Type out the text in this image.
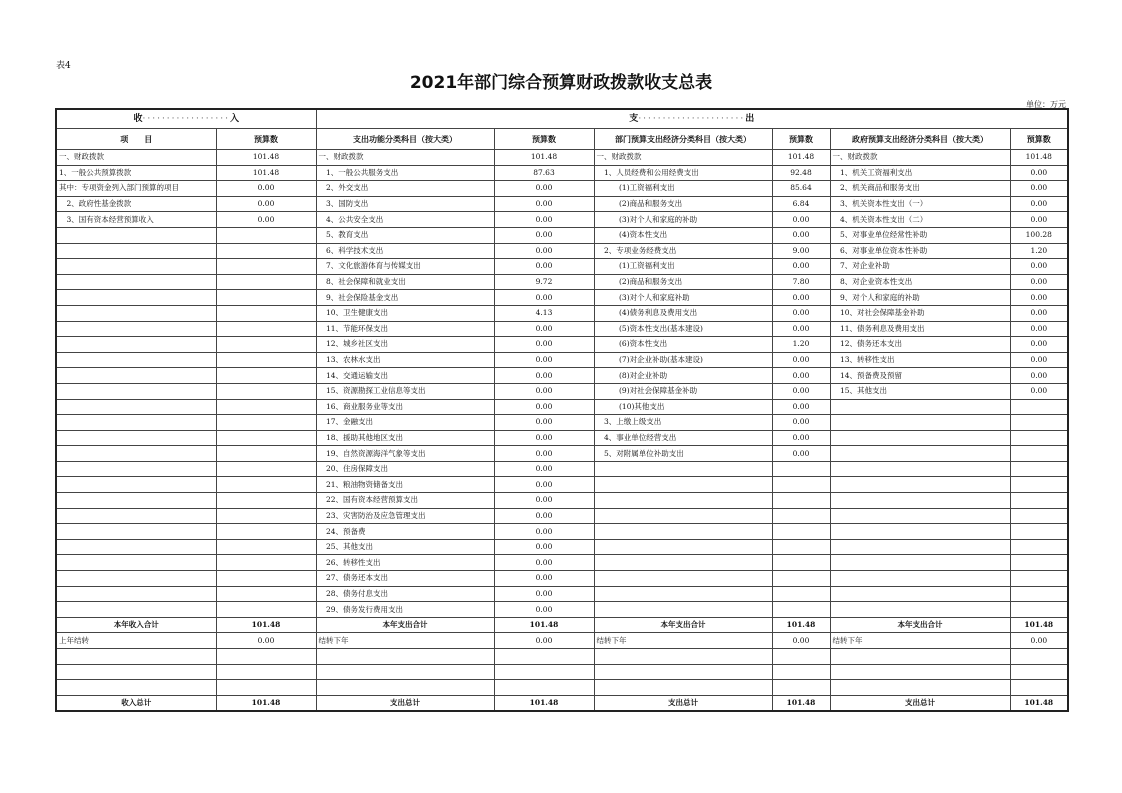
表4
2021年部门综合预算财政拨款收支总表
单位：万元
收··················入		支······················出					
项　　目	预算数	支出功能分类科目（按大类）	预算数	部门预算支出经济分类科目（按大类）	预算数	政府预算支出经济分类科目（按大类）	预算数
一、财政拨款	101.48	一、财政拨款	101.48	一、财政拨款	101.48	一、财政拨款	101.48
1、一般公共预算拨款	101.48	　1、一般公共服务支出	87.63	　1、人员经费和公用经费支出	92.48	　1、机关工资福利支出	0.00
其中：专项资金列入部门预算的项目	0.00	　2、外交支出	0.00	　　　(1)工资福利支出	85.64	　2、机关商品和服务支出	0.00
　2、政府性基金拨款	0.00	　3、国防支出	0.00	　　　(2)商品和服务支出	6.84	　3、机关资本性支出（一）	0.00
　3、国有资本经营预算收入	0.00	　4、公共安全支出	0.00	　　　(3)对个人和家庭的补助	0.00	　4、机关资本性支出（二）	0.00
		　5、教育支出	0.00	　　　(4)资本性支出	0.00	　5、对事业单位经常性补助	100.28
		　6、科学技术支出	0.00	　2、专项业务经费支出	9.00	　6、对事业单位资本性补助	1.20
		　7、文化旅游体育与传媒支出	0.00	　　　(1)工资福利支出	0.00	　7、对企业补助	0.00
		　8、社会保障和就业支出	9.72	　　　(2)商品和服务支出	7.80	　8、对企业资本性支出	0.00
		　9、社会保险基金支出	0.00	　　　(3)对个人和家庭补助	0.00	　9、对个人和家庭的补助	0.00
		　10、卫生健康支出	4.13	　　　(4)债务利息及费用支出	0.00	　10、对社会保障基金补助	0.00
		　11、节能环保支出	0.00	　　　(5)资本性支出(基本建设)	0.00	　11、债务利息及费用支出	0.00
		　12、城乡社区支出	0.00	　　　(6)资本性支出	1.20	　12、债务还本支出	0.00
		　13、农林水支出	0.00	　　　(7)对企业补助(基本建设)	0.00	　13、转移性支出	0.00
		　14、交通运输支出	0.00	　　　(8)对企业补助	0.00	　14、预备费及预留	0.00
		　15、资源勘探工业信息等支出	0.00	　　　(9)对社会保障基金补助	0.00	　15、其他支出	0.00
		　16、商业服务业等支出	0.00	　　　(10)其他支出	0.00		
		　17、金融支出	0.00	　3、上缴上级支出	0.00		
		　18、援助其他地区支出	0.00	　4、事业单位经营支出	0.00		
		　19、自然资源海洋气象等支出	0.00	　5、对附属单位补助支出	0.00		
		　20、住房保障支出	0.00				
		　21、粮油物资储备支出	0.00				
		　22、国有资本经营预算支出	0.00				
		　23、灾害防治及应急管理支出	0.00				
		　24、预备费	0.00				
		　25、其他支出	0.00				
		　26、转移性支出	0.00				
		　27、债务还本支出	0.00				
		　28、债务付息支出	0.00				
		　29、债务发行费用支出	0.00				
本年收入合计	101.48	本年支出合计	101.48	本年支出合计	101.48	本年支出合计	101.48
上年结转	0.00	结转下年	0.00	结转下年	0.00	结转下年	0.00

收入总计	101.48	支出总计	101.48	支出总计	101.48	支出总计	101.48
